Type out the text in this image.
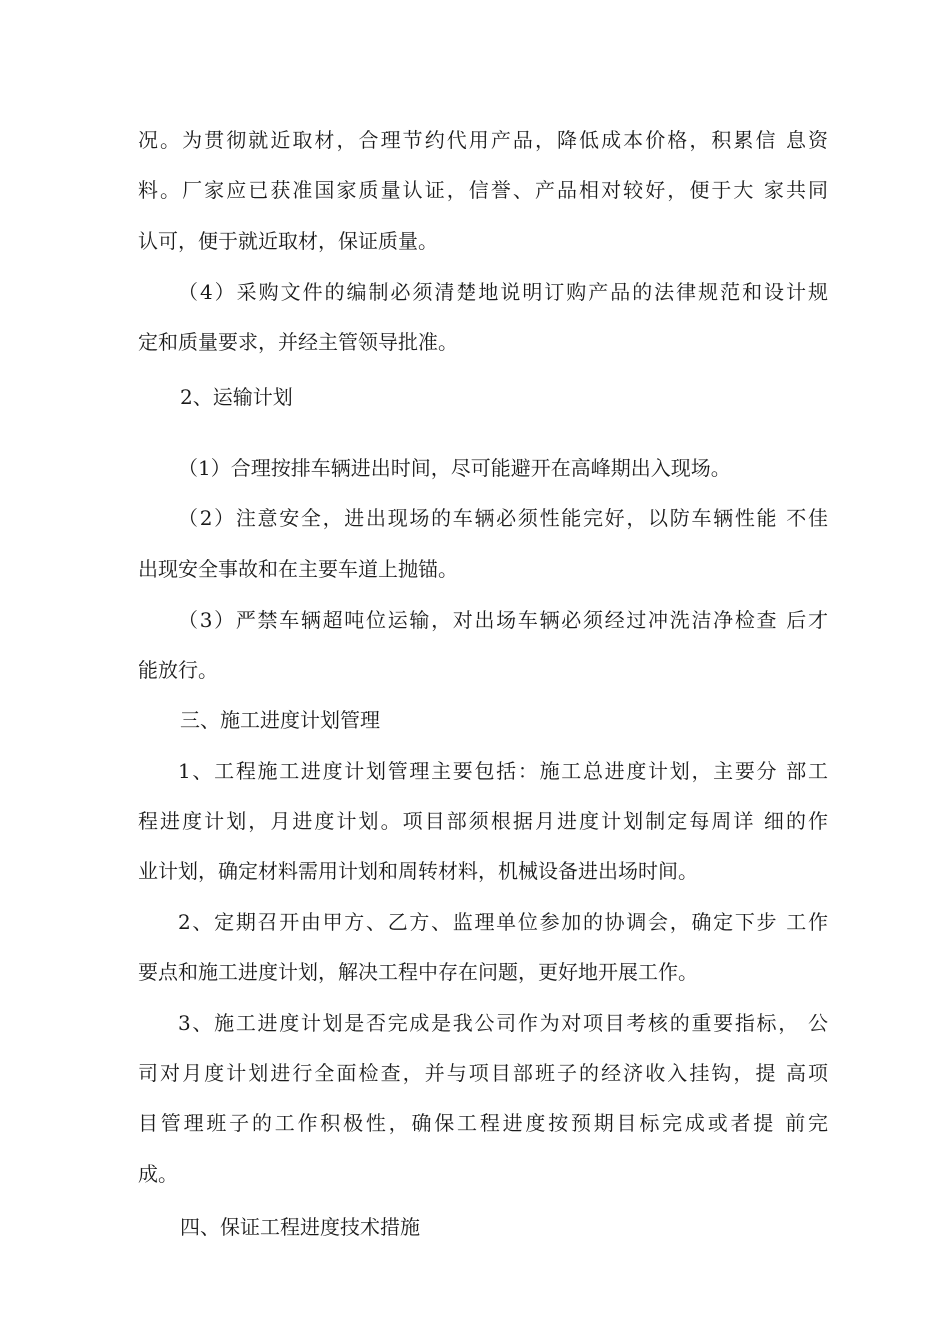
况。为贯彻就近取材，合理节约代用产品，降低成本价格，积累信 息资
料。厂家应已获准国家质量认证，信誉、产品相对较好，便于大 家共同
认可，便于就近取材，保证质量。
（4）采购文件的编制必须清楚地说明订购产品的法律规范和设计规
定和质量要求，并经主管领导批准。
2、运输计划
（1）合理按排车辆进出时间，尽可能避开在高峰期出入现场。
（2）注意安全，进出现场的车辆必须性能完好，以防车辆性能 不佳
出现安全事故和在主要车道上抛锚。
（3）严禁车辆超吨位运输，对出场车辆必须经过冲洗洁净检查 后才
能放行。
三、施工进度计划管理
1、工程施工进度计划管理主要包括：施工总进度计划，主要分 部工
程进度计划，月进度计划。项目部须根据月进度计划制定每周详 细的作
业计划，确定材料需用计划和周转材料，机械设备进出场时间。
2、定期召开由甲方、乙方、监理单位参加的协调会，确定下步 工作
要点和施工进度计划，解决工程中存在问题，更好地开展工作。
3、施工进度计划是否完成是我公司作为对项目考核的重要指标， 公
司对月度计划进行全面检查，并与项目部班子的经济收入挂钩，提 高项
目管理班子的工作积极性，确保工程进度按预期目标完成或者提 前完
成。
四、保证工程进度技术措施
